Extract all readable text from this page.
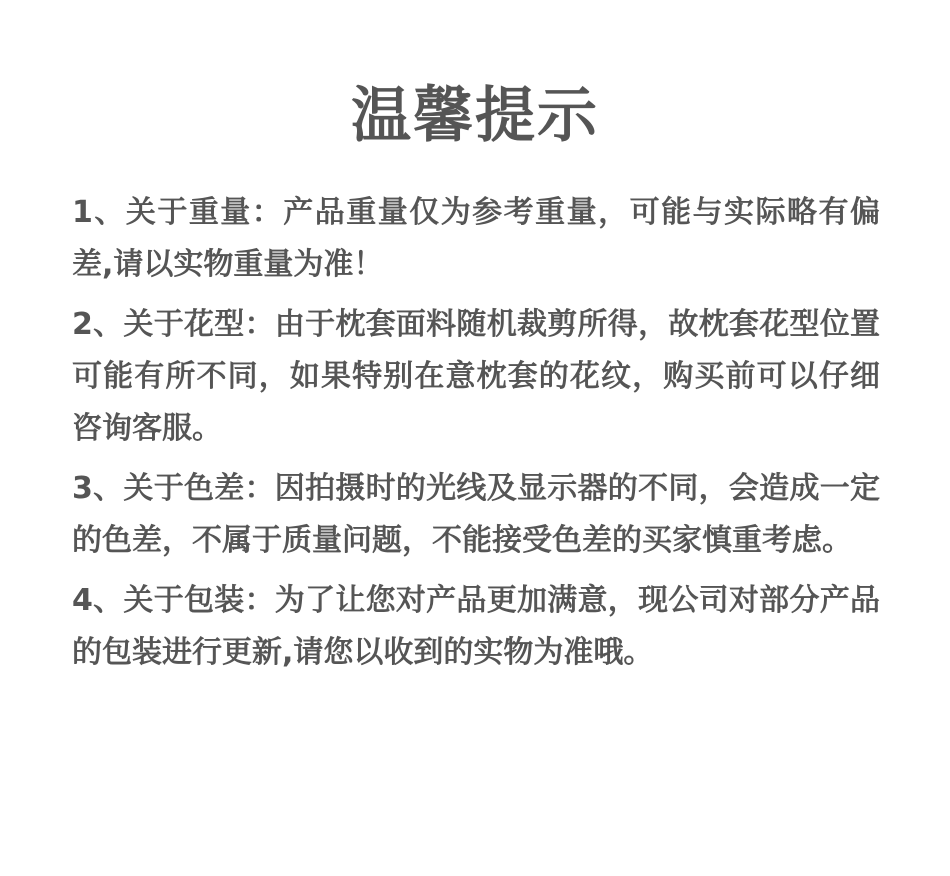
温馨提示
1、关于重量：产品重量仅为参考重量，可能与实际略有偏差,请以实物重量为准！
2、关于花型：由于枕套面料随机裁剪所得，故枕套花型位置可能有所不同，如果特别在意枕套的花纹，购买前可以仔细咨询客服。
3、关于色差：因拍摄时的光线及显示器的不同，会造成一定的色差，不属于质量问题，不能接受色差的买家慎重考虑。
4、关于包装：为了让您对产品更加满意，现公司对部分产品的包装进行更新,请您以收到的实物为准哦。
